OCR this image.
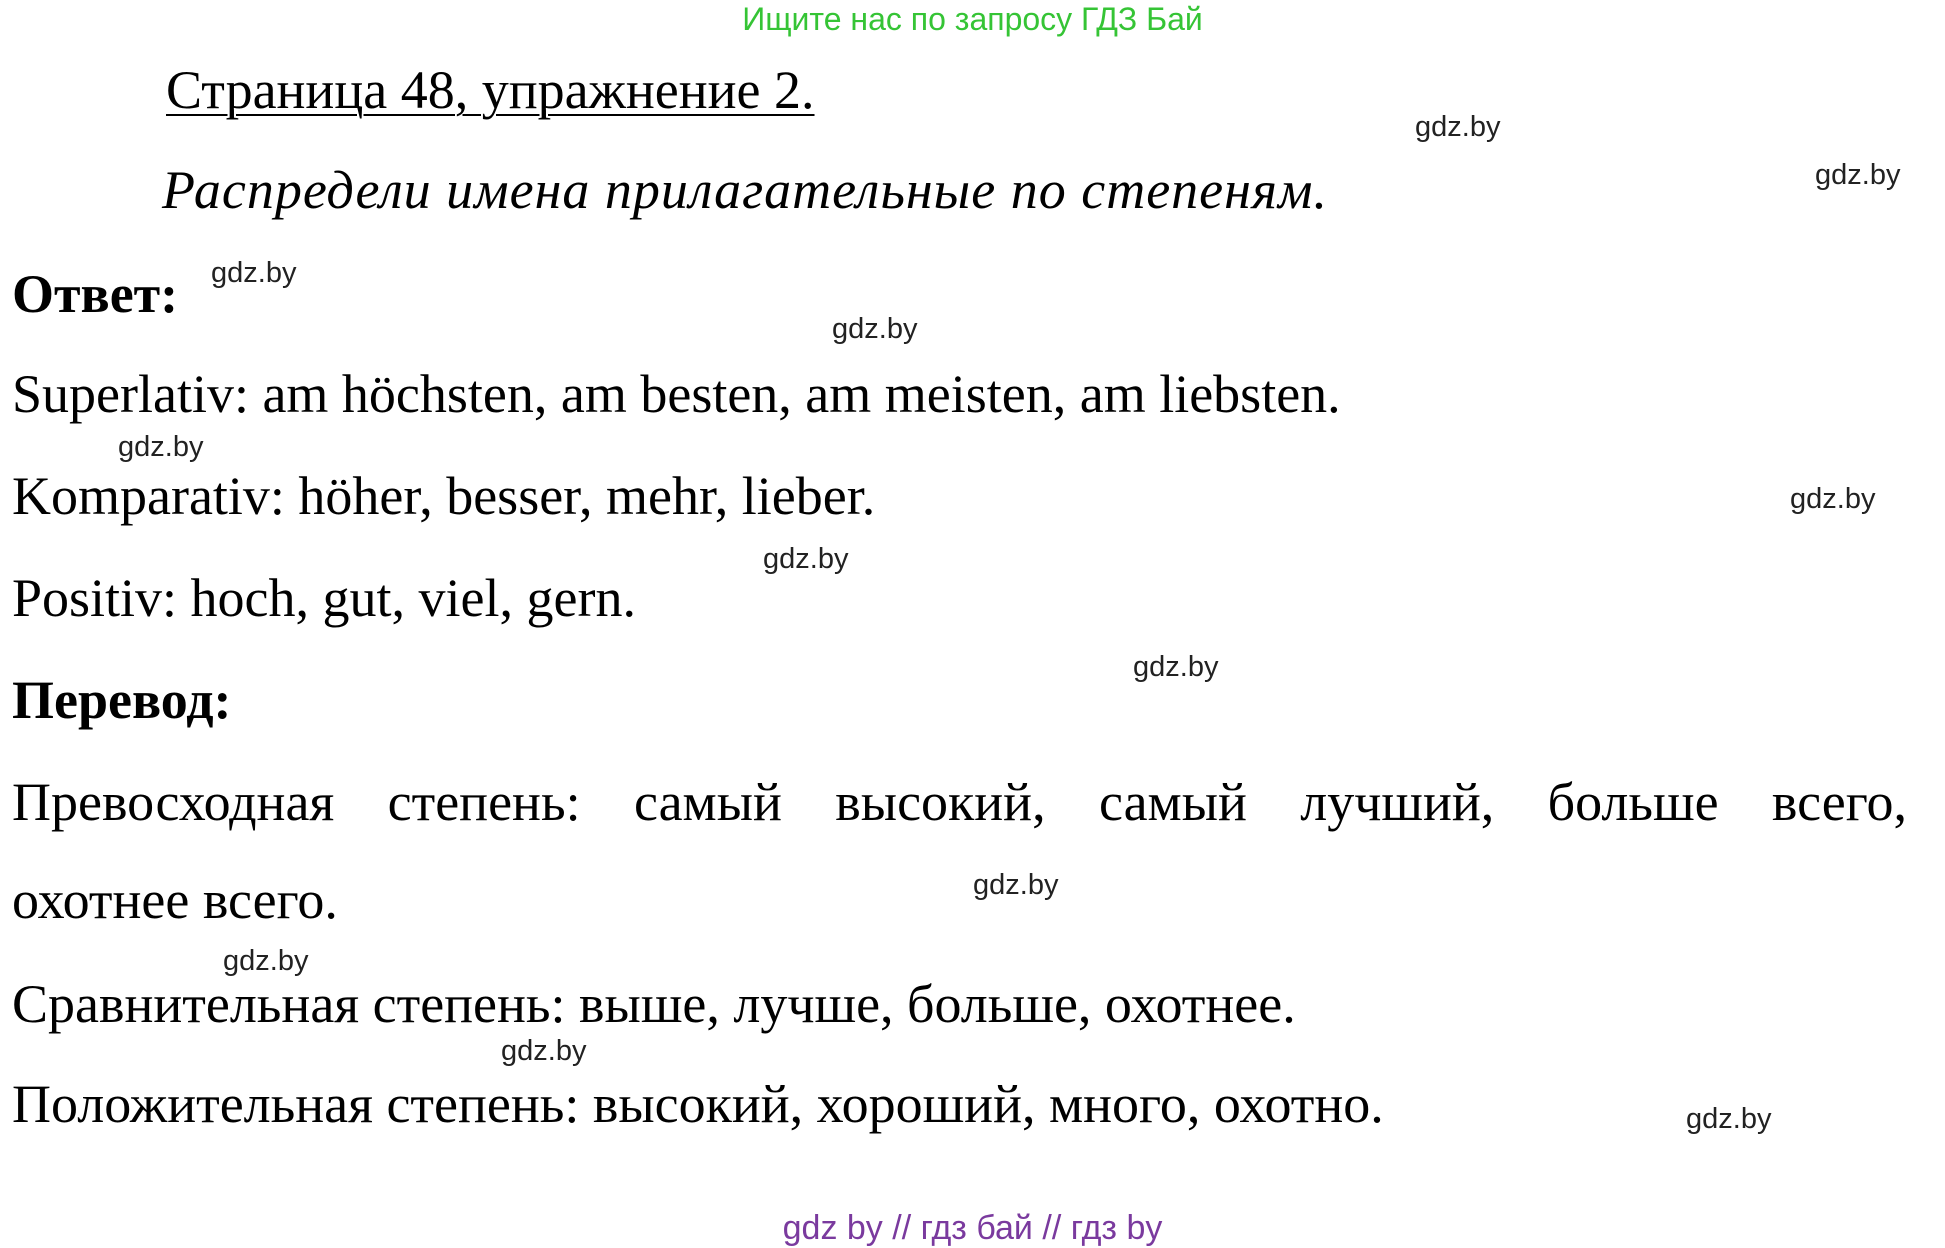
Ищите нас по запросу ГДЗ Бай
Страница 48, упражнение 2.
Распредели имена прилагательные по степеням.
Ответ:
Superlativ: am höchsten, am besten, am meisten, am liebsten.
Komparativ: höher, besser, mehr, lieber.
Positiv: hoch, gut, viel, gern.
Перевод:
Превосходная степень: самый высокий, самый лучший, больше всего,
охотнее всего.
Сравнительная степень: выше, лучше, больше, охотнее.
Положительная степень: высокий, хороший, много, охотно.
gdz.by
gdz.by
gdz.by
gdz.by
gdz.by
gdz.by
gdz.by
gdz.by
gdz.by
gdz.by
gdz.by
gdz.by
gdz by // гдз бай // гдз by
